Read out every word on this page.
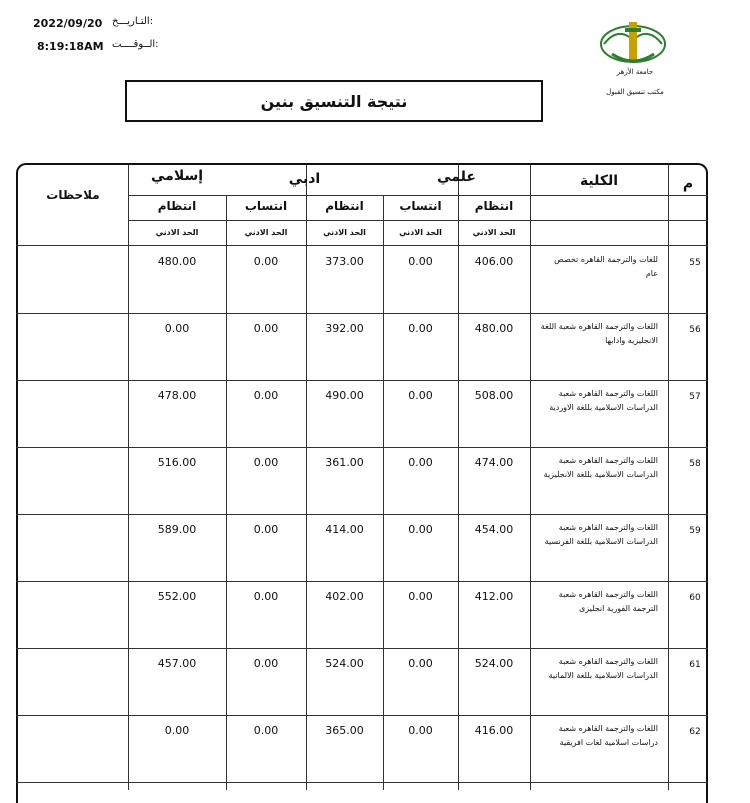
2022/09/20
8:19:18AM
التـاريـــخ:
الــوقــــت:
جامعة الأزهر
مكتب تنسيق القبول
نتيجة التنسيق بنين
م
الكلية
علمي
ادبي
إسلامي
ملاحظات
انتظام
انتساب
انتظام
انتساب
انتظام
الحد الادني
الحد الادني
الحد الادني
الحد الادني
الحد الادني
55
للغات والترجمة القاهره تخصص عام
406.00
0.00
373.00
0.00
480.00
56
اللغات والترجمة القاهره شعبة اللغة الانجليزيه وادابها
480.00
0.00
392.00
0.00
0.00
57
اللغات والترجمة القاهره شعبة الدراسات الاسلامية بللغة الاوردية
508.00
0.00
490.00
0.00
478.00
58
اللغات والترجمة القاهره شعبة الدراسات الاسلامية بللغة الانجليزية
474.00
0.00
361.00
0.00
516.00
59
اللغات والترجمة القاهره شعبة الدراسات الاسلامية بللغة الفرنسية
454.00
0.00
414.00
0.00
589.00
60
اللغات والترجمة القاهره شعبة الترجمة الفورية انجليزى
412.00
0.00
402.00
0.00
552.00
61
اللغات والترجمة القاهره شعبة الدراسات الاسلامية بللغة الالمانية
524.00
0.00
524.00
0.00
457.00
62
اللغات والترجمة القاهره شعبة دراسات اسلامية لغات افريقية
416.00
0.00
365.00
0.00
0.00
